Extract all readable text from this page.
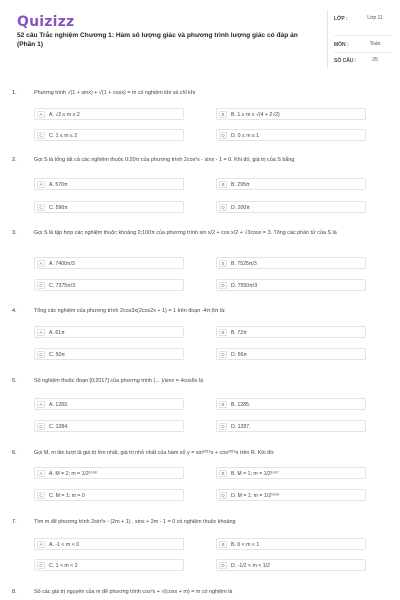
Quizizz
52 câu Trắc nghiệm Chương 1: Hàm số lượng giác và phương trình lượng giác có đáp án (Phần 1)
LỚP :	Lớp 11
MÔN :	Toán
SỐ CÂU :	25
1.	Phương trình √(1 + sinx) + √(1 + cosx) = m có nghiệm khi và chỉ khi
A	A. √2 ≤ m ≤ 2	B	B. 1 ≤ m ≤ √(4 + 2√2)
C	C. 1 ≤ m ≤ 2	D	D. 0 ≤ m ≤ 1
2.	Gọi S là tổng tất cả các nghiệm thuộc 0;20π của phương trình 2cos²x - sinx - 1 = 0. Khi đó, giá trị của S bằng
A	A. 570π	B	B. 295π
C	C. 590π	D	D. 200π
3.	Gọi S là tập hợp các nghiệm thuộc khoảng 0;100π của phương trình sin x/2 + cos x/2 + √3cosx = 3. Tổng các phần tử của S là
A	A. 7400π/3	B	B. 7525π/3
C	C. 7375π/3	D	D. 7550π/3
4.	Tổng các nghiệm của phương trình 2cos3x(2cos2x + 1) = 1 trên đoạn -4π;6π là:
A	A. 61π	B	B. 72π
C	C. 50π	D	D. 56π
5.	Số nghiệm thuộc đoạn [0;2017] của phương trình (... )/sinx = 4cos6x là
A	A. 1283.	B	B. 1285.
C	C. 1284.	D	D. 1287.
6.	Gọi M, m lần lượt là giá trị lớn nhất, giá trị nhỏ nhất của hàm số y = sin²⁰¹⁶x + cos²⁰¹⁶x trên R. Khi đó:
A	A. M = 2; m = 1/2¹⁰⁰⁸	B	B. M = 1; m = 1/2¹⁰⁰⁷
C	C. M = 1; m = 0	D	D. M = 1; m = 1/2¹⁰⁰⁸
7.	Tìm m để phương trình 2sin²x - (2m + 1) . sinx + 2m - 1 = 0 có nghiệm thuộc khoảng
A	A. -1 < m < 0	B	B. 0 < m < 1
C	C. 1 < m < 2	D	D. -1/2 < m < 1/2
8.	Số các giá trị nguyên của m để phương trình cos²x + √(cosx + m) = m có nghiệm là
